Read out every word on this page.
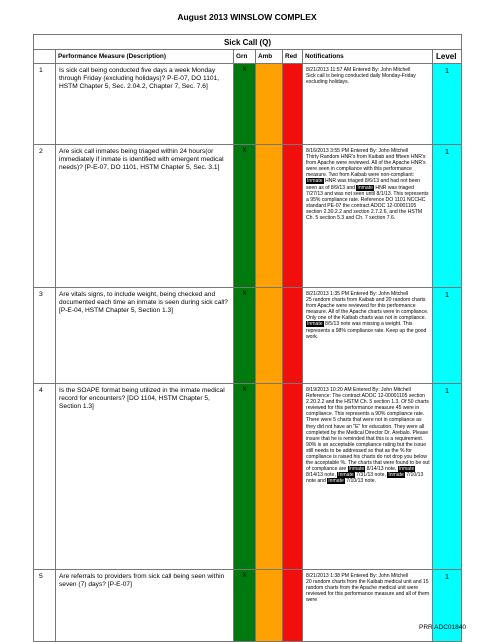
August 2013 WINSLOW COMPLEX
Sick Call (Q)						
	Performance Measure (Description)	Grn	Amb	Red	Notifications	Level
1	Is sick call being conducted five days a week Monday through Friday (excluding holidays)? P-E-07, DO 1101, HSTM Chapter 5, Sec. 2.04.2, Chapter 7, Sec. 7.6]	X			8/21/2013 11:57 AM Entered By: John Mitchell
Sick call is being conducted daily Monday-Friday excluding holidays.	1
2	Are sick call inmates being triaged within 24 hours(or immediately if inmate is identified with emergent medical needs)? [P-E-07, DO 1101, HSTM Chapter 5, Sec. 3.1]	X			8/16/2013 3:55 PM Entered By: John Mitchell
Thirty Random HNR's from Kaibab and fifteen HNR's from Apache were reviewed. All of the Apache HNR's were seen in compliance with this performance measure. Two from Kaibab were non-compliant: Inmate HNR was triaged 8/6/13 and had not been seen as of 8/9/13 and Inmate HNR was triaged 7/27/13 and was not seen until 8/1/13. This represents a 95% compliance rate. Reference DO 1101 NCCHC standard PE-07 the contract ADOC 12-00001105 section 2.30.2.2 and section 2.7.2.6, and the HSTM Ch. 5 section 5.3 and Ch. 7 section 7.6.	1
3	Are vitals signs, to include weight, being checked and documented each time an inmate is seen during sick call? [P-E-04, HSTM Chapter 5, Section 1.3]	X			8/21/2013 1:35 PM Entered By: John Mitchell
25 random charts from Kaibab and 20 random charts from Apache were reviewed for this performance measure. All of the Apache charts were in compliance. Only one of the Kaibab charts was not in compliance. Inmate 8/5/13 note was missing a weight. This represents a 98% compliance rate. Keep up the good work.	1
4	Is the SOAPE format being utilized in the inmate medical record for encounters? [DO 1104, HSTM Chapter 5, Section 1.3]	X			8/19/2013 10:20 AM Entered By: John Mitchell
Reference: The contract ADOC 12-00001105 section 2.20.2.2 and the HSTM Ch. 5 section 1.3. Of 50 charts reviewed for this performance measure 45 were in compliance. This represents a 90% compliance rate. There were 5 charts that were not in compliance as they did not have an "E" for education. They were all completed by the Medical Director Dr. Arebalo. Please insure that he is reminded that this is a requirement. 90% is an acceptable compliance rating but the issue still needs to be addressed so that as the % for compliance is raised his charts do not drop you below the acceptable %. The charts that were found to be out of compliance are Inmate 8/14/13 note, Inmate 8/14/13 note, Inmate 7/31/13 note, Inmate 7/10/13 note and Inmate 7/10/13 note.	1
5	Are referrals to providers from sick call being seen within seven (7) days? [P-E-07]	X			8/21/2013 1:38 PM Entered By: John Mitchell
20 random charts from the Kaibab medical unit and 15 random charts from the Apache medical unit were reviewed for this performance measure and all of them were	1
PRR ADC01840
